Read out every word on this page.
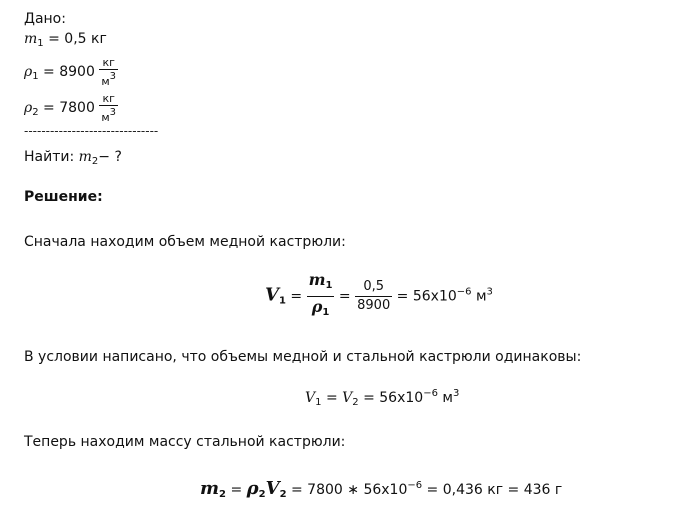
Дано:
$m_1 = 0,5$ кг
$\rho_1 = 8900 \frac{кг}{м3}$
$\rho_2 = 7800 \frac{кг}{м3}$
-------------------------------
Найти: $m_2-$ ?
Решение:
Сначала находим объем медной кастрюли:
$V_1 = \frac{m_1}{\rho_1} = \frac{0,5}{8900} = 56x10^{-6}$ $м^3$
В условии написано, что объемы медной и стальной кастрюли одинаковы:
$V_1 = V_2 = 56x10^{-6}$ $м^3$
Теперь находим массу стальной кастрюли:
$m_2 = \rho_2V_2 = 7800$ ∗ $56x10^{-6} = 0,436$ кг = 436 г
